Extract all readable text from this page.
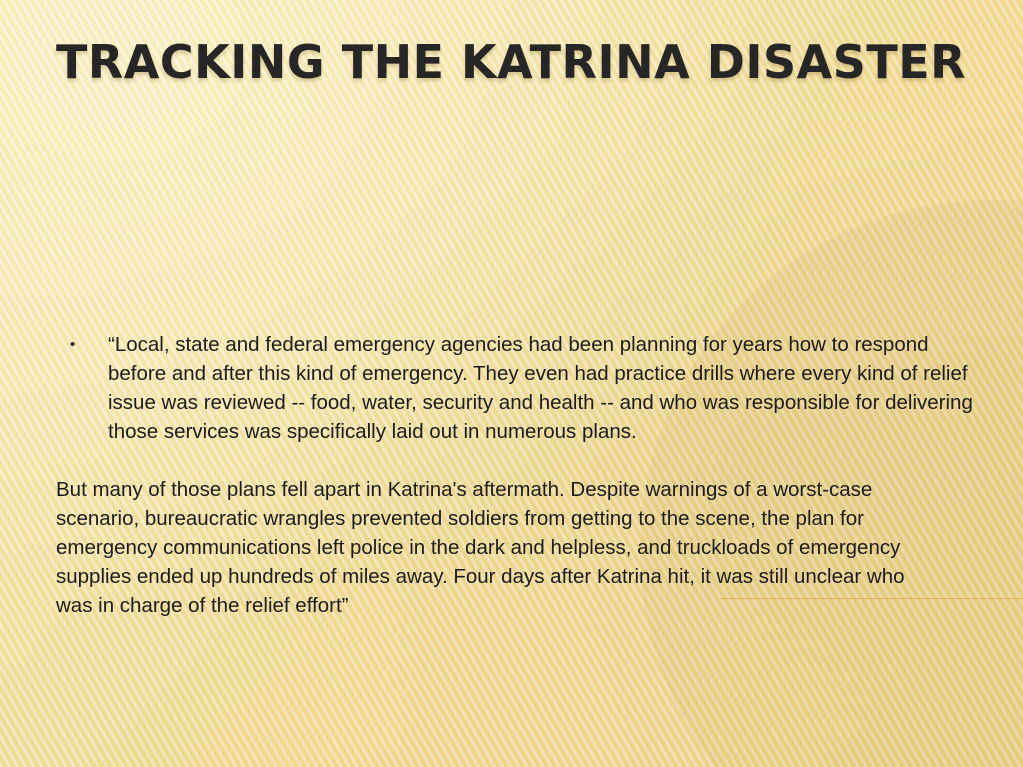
TRACKING THE KATRINA DISASTER
•	“Local, state and federal emergency agencies had been planning for years how to respond before and after this kind of emergency. They even had practice drills where every kind of relief issue was reviewed -- food, water, security and health -- and who was responsible for delivering those services was specifically laid out in numerous plans.

But many of those plans fell apart in Katrina's aftermath. Despite warnings of a worst-case scenario, bureaucratic wrangles prevented soldiers from getting to the scene, the plan for emergency communications left police in the dark and helpless, and truckloads of emergency supplies ended up hundreds of miles away. Four days after Katrina hit, it was still unclear who was in charge of the relief effort”
